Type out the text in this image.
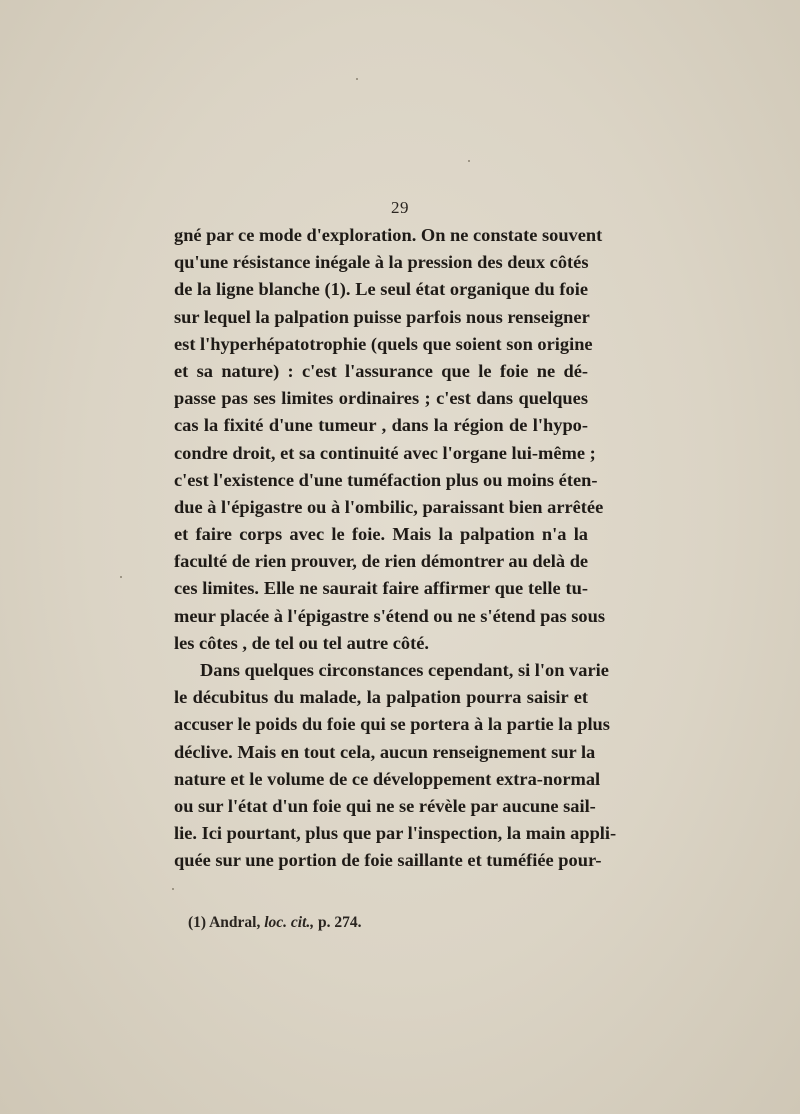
29
gné par ce mode d'exploration. On ne constate souvent
qu'une résistance inégale à la pression des deux côtés
de la ligne blanche (1). Le seul état organique du foie
sur lequel la palpation puisse parfois nous renseigner
est l'hyperhépatotrophie (quels que soient son origine
et sa nature) : c'est l'assurance que le foie ne dé-
passe pas ses limites ordinaires ; c'est dans quelques
cas la fixité d'une tumeur , dans la région de l'hypo-
condre droit, et sa continuité avec l'organe lui-même ;
c'est l'existence d'une tuméfaction plus ou moins éten-
due à l'épigastre ou à l'ombilic, paraissant bien arrêtée
et faire corps avec le foie. Mais la palpation n'a la
faculté de rien prouver, de rien démontrer au delà de
ces limites. Elle ne saurait faire affirmer que telle tu-
meur placée à l'épigastre s'étend ou ne s'étend pas sous
les côtes , de tel ou tel autre côté.
Dans quelques circonstances cependant, si l'on varie
le décubitus du malade, la palpation pourra saisir et
accuser le poids du foie qui se portera à la partie la plus
déclive. Mais en tout cela, aucun renseignement sur la
nature et le volume de ce développement extra-normal
ou sur l'état d'un foie qui ne se révèle par aucune sail-
lie. Ici pourtant, plus que par l'inspection, la main appli-
quée sur une portion de foie saillante et tuméfiée pour-
(1) Andral, loc. cit., p. 274.
